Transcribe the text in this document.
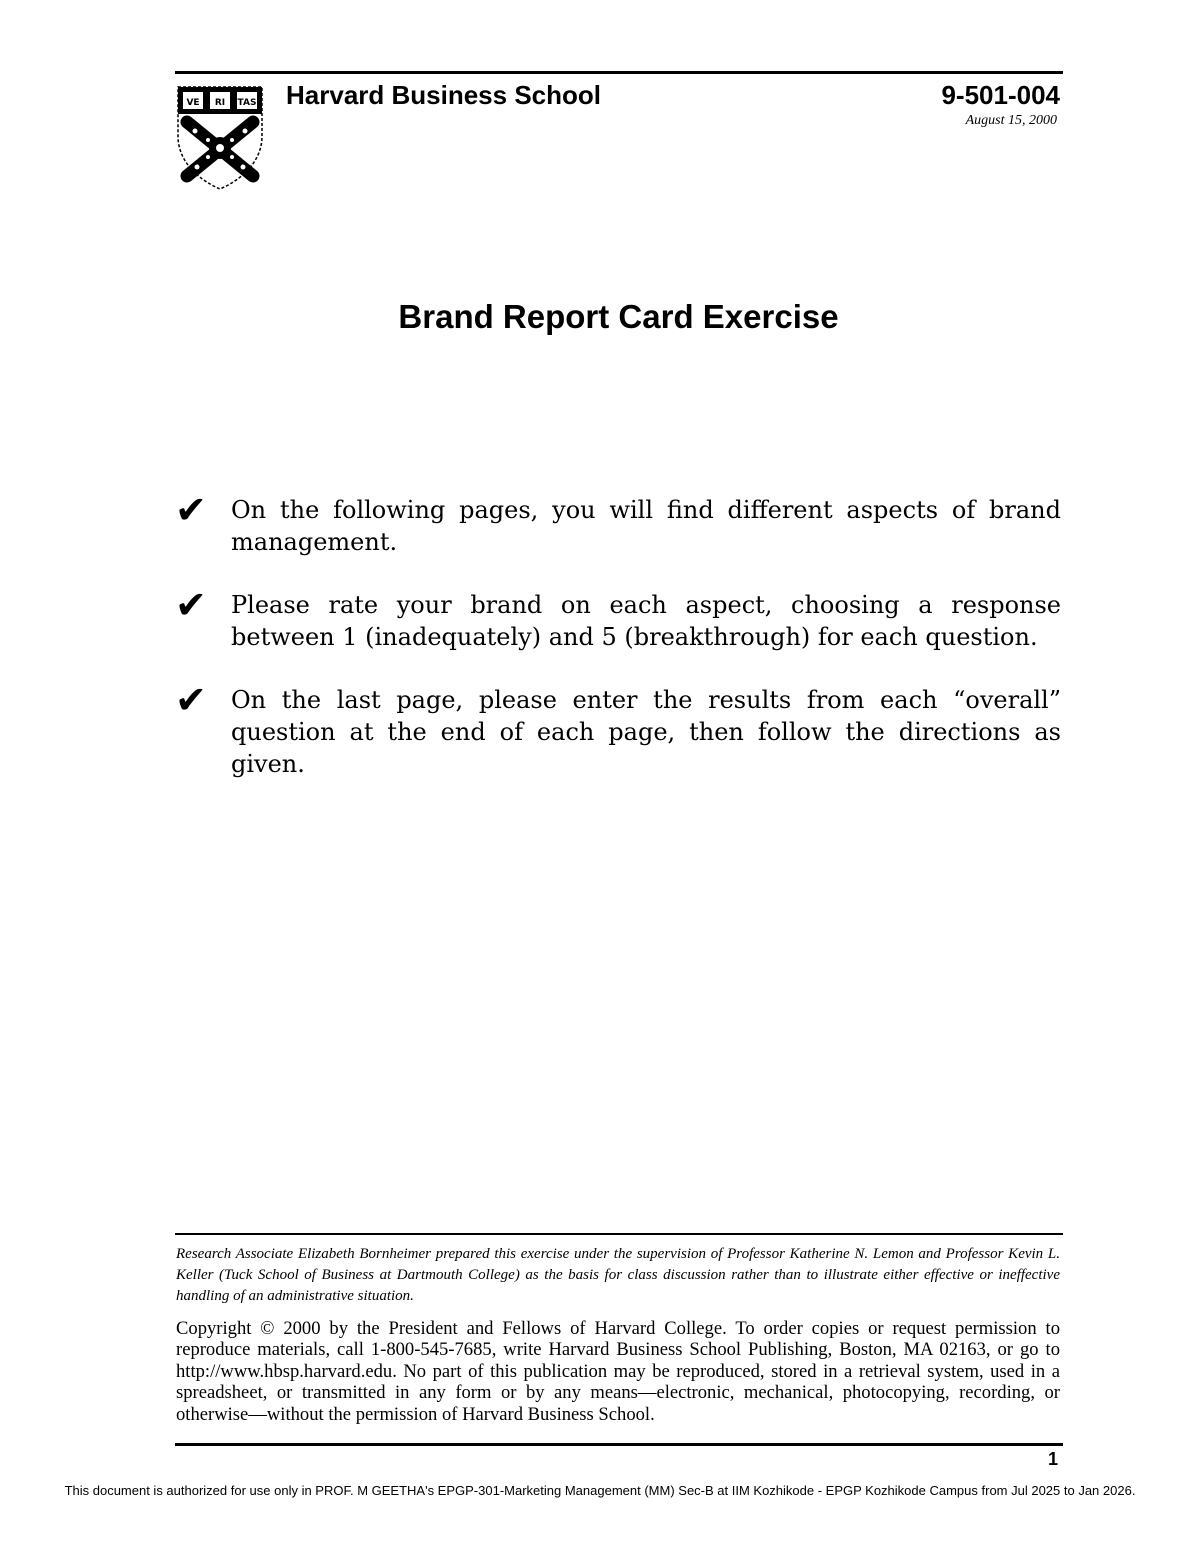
VE RI TAS Harvard Business School	9-501-004
August 15, 2000
Brand Report Card Exercise
✔	On the following pages, you will find different aspects of brand management.
✔	Please rate your brand on each aspect, choosing a response between 1 (inadequately) and 5 (breakthrough) for each question.
✔	On the last page, please enter the results from each “overall” question at the end of each page, then follow the directions as given.
Research Associate Elizabeth Bornheimer prepared this exercise under the supervision of Professor Katherine N. Lemon and Professor Kevin L. Keller (Tuck School of Business at Dartmouth College) as the basis for class discussion rather than to illustrate either effective or ineffective handling of an administrative situation.
Copyright © 2000 by the President and Fellows of Harvard College. To order copies or request permission to reproduce materials, call 1-800-545-7685, write Harvard Business School Publishing, Boston, MA 02163, or go to http://www.hbsp.harvard.edu. No part of this publication may be reproduced, stored in a retrieval system, used in a spreadsheet, or transmitted in any form or by any means—electronic, mechanical, photocopying, recording, or otherwise—without the permission of Harvard Business School.
1
This document is authorized for use only in PROF. M GEETHA's EPGP-301-Marketing Management (MM) Sec-B at IIM Kozhikode - EPGP Kozhikode Campus from Jul 2025 to Jan 2026.
